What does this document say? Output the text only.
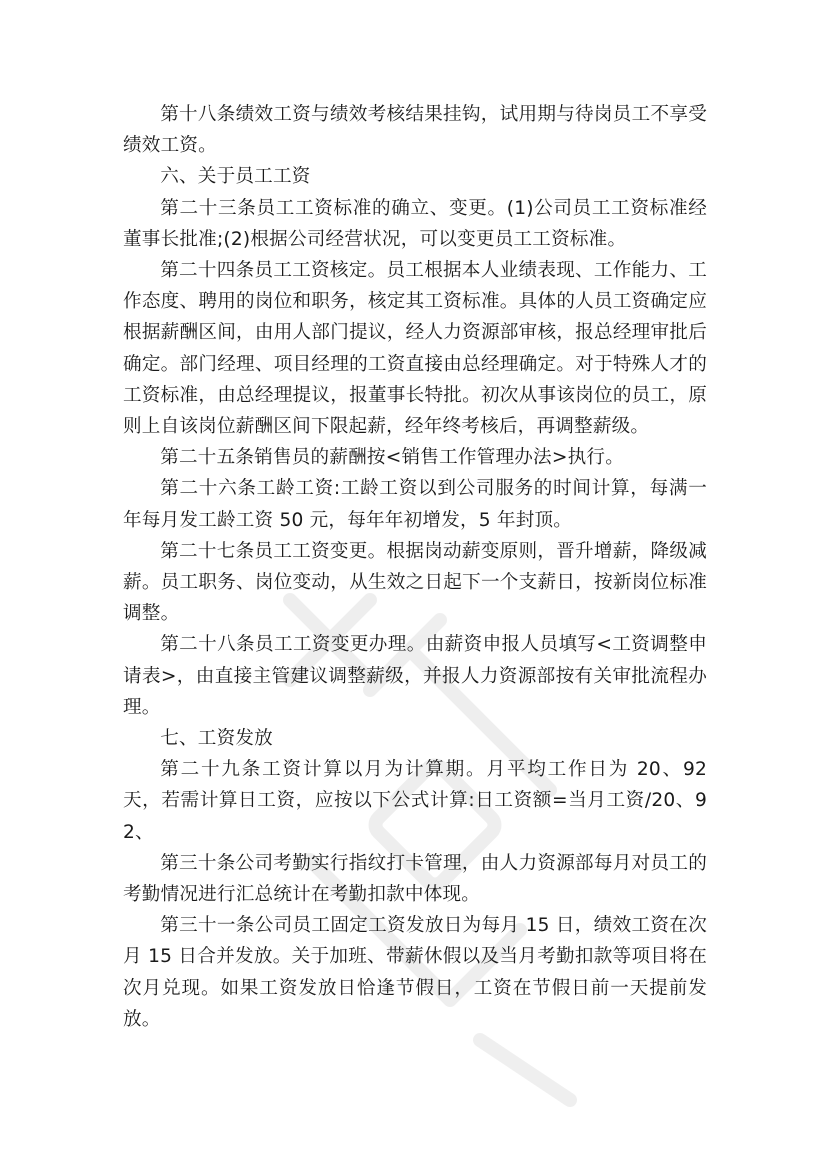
第十八条绩效工资与绩效考核结果挂钩，试用期与待岗员工不享受绩效工资。

六、关于员工工资

第二十三条员工工资标准的确立、变更。(1)公司员工工资标准经董事长批准;(2)根据公司经营状况，可以变更员工工资标准。

第二十四条员工工资核定。员工根据本人业绩表现、工作能力、工作态度、聘用的岗位和职务，核定其工资标准。具体的人员工资确定应根据薪酬区间，由用人部门提议，经人力资源部审核，报总经理审批后确定。部门经理、项目经理的工资直接由总经理确定。对于特殊人才的工资标准，由总经理提议，报董事长特批。初次从事该岗位的员工，原则上自该岗位薪酬区间下限起薪，经年终考核后，再调整薪级。

第二十五条销售员的薪酬按<销售工作管理办法>执行。

第二十六条工龄工资:工龄工资以到公司服务的时间计算，每满一年每月发工龄工资 50 元，每年年初增发，5 年封顶。

第二十七条员工工资变更。根据岗动薪变原则，晋升增薪，降级减薪。员工职务、岗位变动，从生效之日起下一个支薪日，按新岗位标准调整。

第二十八条员工工资变更办理。由薪资申报人员填写<工资调整申请表>，由直接主管建议调整薪级，并报人力资源部按有关审批流程办理。

七、工资发放

第二十九条工资计算以月为计算期。月平均工作日为 20、92 天，若需计算日工资，应按以下公式计算:日工资额=当月工资/20、92、

第三十条公司考勤实行指纹打卡管理，由人力资源部每月对员工的考勤情况进行汇总统计在考勤扣款中体现。

第三十一条公司员工固定工资发放日为每月 15 日，绩效工资在次月 15 日合并发放。关于加班、带薪休假以及当月考勤扣款等项目将在次月兑现。如果工资发放日恰逢节假日，工资在节假日前一天提前发放。
